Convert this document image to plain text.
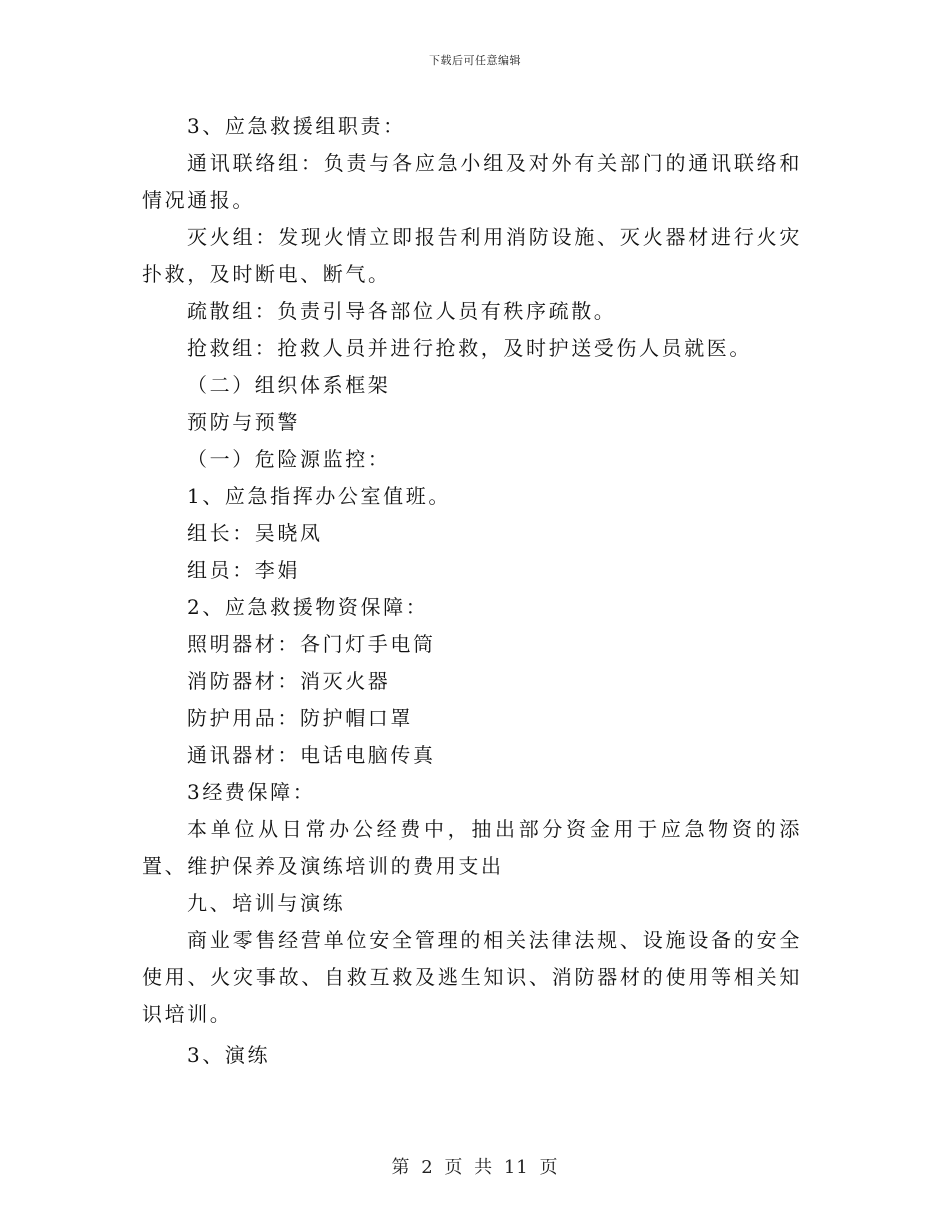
下载后可任意编辑

3、应急救援组职责：

通讯联络组：负责与各应急小组及对外有关部门的通讯联络和情况通报。

灭火组：发现火情立即报告利用消防设施、灭火器材进行火灾扑救，及时断电、断气。

疏散组：负责引导各部位人员有秩序疏散。

抢救组：抢救人员并进行抢救，及时护送受伤人员就医。

（二）组织体系框架

预防与预警

（一）危险源监控：

1、应急指挥办公室值班。

组长：吴晓凤

组员：李娟

2、应急救援物资保障：

照明器材：各门灯手电筒

消防器材：消灭火器

防护用品：防护帽口罩

通讯器材：电话电脑传真

3经费保障：

本单位从日常办公经费中，抽出部分资金用于应急物资的添置、维护保养及演练培训的费用支出

九、培训与演练

商业零售经营单位安全管理的相关法律法规、设施设备的安全使用、火灾事故、自救互救及逃生知识、消防器材的使用等相关知识培训。

3、演练

第 2 页 共 11 页
